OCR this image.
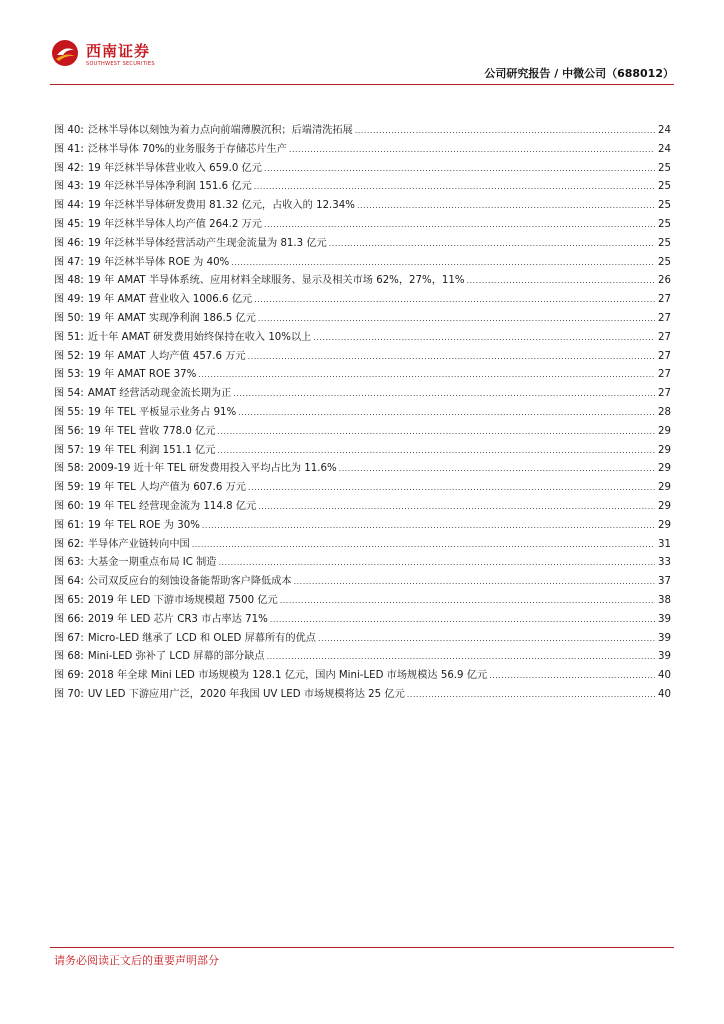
西南证券
SOUTHWEST SECURITIES
公司研究报告 / 中微公司（688012）
图 40: 泛林半导体以刻蚀为着力点向前端薄膜沉积；后端清洗拓展 .....	24
图 41: 泛林半导体 70%的业务服务于存储芯片生产 .....	24
图 42: 19 年泛林半导体营业收入 659.0 亿元 .....	25
图 43: 19 年泛林半导体净利润 151.6 亿元 .....	25
图 44: 19 年泛林半导体研发费用 81.32 亿元，占收入的 12.34% .....	25
图 45: 19 年泛林半导体人均产值 264.2 万元 .....	25
图 46: 19 年泛林半导体经营活动产生现金流量为 81.3 亿元 .....	25
图 47: 19 年泛林半导体 ROE 为 40% .....	25
图 48: 19 年 AMAT 半导体系统、应用材料全球服务、显示及相关市场 62%，27%，11% .....	26
图 49: 19 年 AMAT 营业收入 1006.6 亿元 .....	27
图 50: 19 年 AMAT 实现净利润 186.5 亿元 .....	27
图 51: 近十年 AMAT 研发费用始终保持在收入 10%以上 .....	27
图 52: 19 年 AMAT 人均产值 457.6 万元 .....	27
图 53: 19 年 AMAT ROE 37% .....	27
图 54: AMAT 经营活动现金流长期为正 .....	27
图 55: 19 年 TEL 平板显示业务占 91% .....	28
图 56: 19 年 TEL 营收 778.0 亿元 .....	29
图 57: 19 年 TEL 利润 151.1 亿元 .....	29
图 58: 2009-19 近十年 TEL 研发费用投入平均占比为 11.6% .....	29
图 59: 19 年 TEL 人均产值为 607.6 万元 .....	29
图 60: 19 年 TEL 经营现金流为 114.8 亿元 .....	29
图 61: 19 年 TEL ROE 为 30% .....	29
图 62: 半导体产业链转向中国 .....	31
图 63: 大基金一期重点布局 IC 制造 .....	33
图 64: 公司双反应台的刻蚀设备能帮助客户降低成本 .....	37
图 65: 2019 年 LED 下游市场规模超 7500 亿元 .....	38
图 66: 2019 年 LED 芯片 CR3 市占率达 71% .....	39
图 67: Micro-LED 继承了 LCD 和 OLED 屏幕所有的优点 .....	39
图 68: Mini-LED 弥补了 LCD 屏幕的部分缺点 .....	39
图 69: 2018 年全球 Mini LED 市场规模为 128.1 亿元，国内 Mini-LED 市场规模达 56.9 亿元 .....	40
图 70: UV LED 下游应用广泛，2020 年我国 UV LED 市场规模将达 25 亿元 .....	40
请务必阅读正文后的重要声明部分
